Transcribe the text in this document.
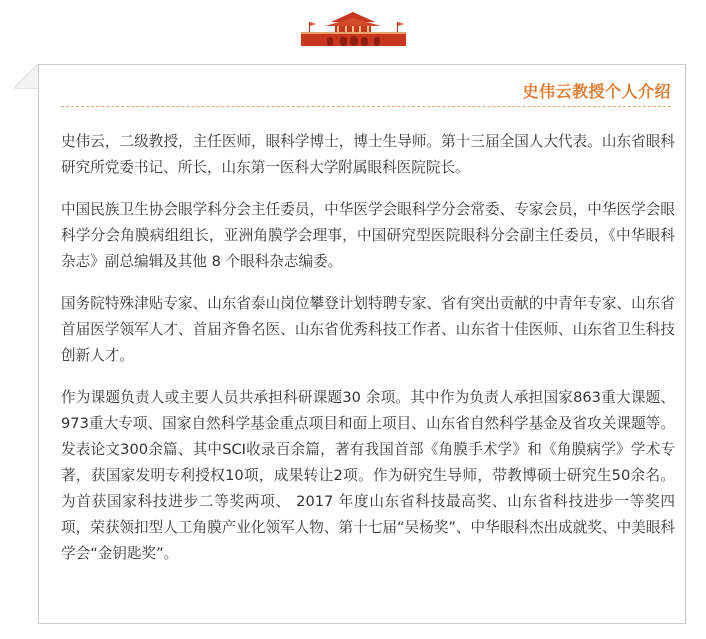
史伟云教授个人介绍

史伟云，二级教授，主任医师，眼科学博士，博士生导师。第十三届全国人大代表。山东省眼科研究所党委书记、所长，山东第一医科大学附属眼科医院院长。

中国民族卫生协会眼学科分会主任委员，中华医学会眼科学分会常委、专家会员，中华医学会眼科学分会角膜病组组长，亚洲角膜学会理事，中国研究型医院眼科分会副主任委员，《中华眼科杂志》副总编辑及其他 8 个眼科杂志编委。

国务院特殊津贴专家、山东省泰山岗位攀登计划特聘专家、省有突出贡献的中青年专家、山东省首届医学领军人才、首届齐鲁名医、山东省优秀科技工作者、山东省十佳医师、山东省卫生科技创新人才。

作为课题负责人或主要人员共承担科研课题30 余项。其中作为负责人承担国家863重大课题、973重大专项、国家自然科学基金重点项目和面上项目、山东省自然科学基金及省攻关课题等。发表论文300余篇、其中SCI收录百余篇，著有我国首部《角膜手术学》和《角膜病学》学术专著，获国家发明专利授权10项，成果转让2项。作为研究生导师，带教博硕士研究生50余名。为首获国家科技进步二等奖两项、 2017 年度山东省科技最高奖、山东省科技进步一等奖四项，荣获领扣型人工角膜产业化领军人物、第十七届“吴杨奖”、中华眼科杰出成就奖、中美眼科学会“金钥匙奖”。
